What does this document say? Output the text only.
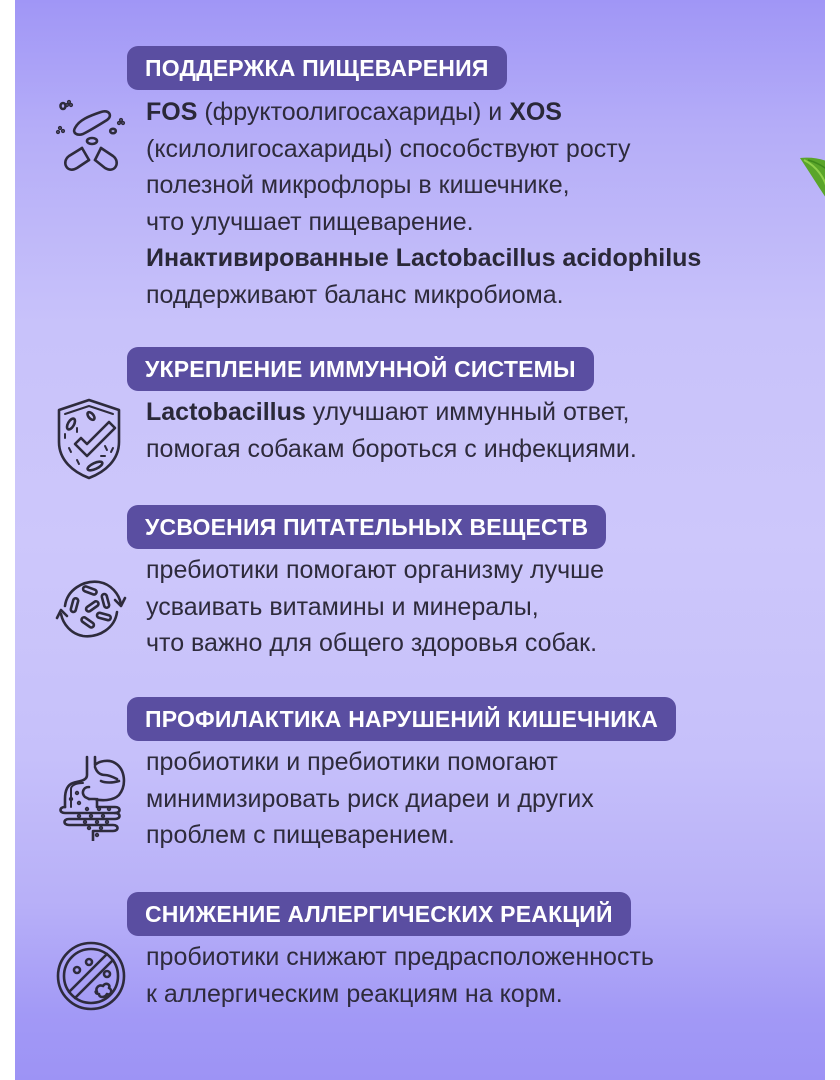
ПОДДЕРЖКА ПИЩЕВАРЕНИЯ
FOS (фруктоолигосахариды) и XOS
(ксилолигосахариды) способствуют росту
полезной микрофлоры в кишечнике,
что улучшает пищеварение.
Инактивированные Lactobacillus acidophilus
поддерживают баланс микробиома.
УКРЕПЛЕНИЕ ИММУННОЙ СИСТЕМЫ
Lactobacillus улучшают иммунный ответ,
помогая собакам бороться с инфекциями.
УСВОЕНИЯ ПИТАТЕЛЬНЫХ ВЕЩЕСТВ
пребиотики помогают организму лучше
усваивать витамины и минералы,
что важно для общего здоровья собак.
ПРОФИЛАКТИКА НАРУШЕНИЙ КИШЕЧНИКА
пробиотики и пребиотики помогают
минимизировать риск диареи и других
проблем с пищеварением.
СНИЖЕНИЕ АЛЛЕРГИЧЕСКИХ РЕАКЦИЙ
пробиотики снижают предрасположенность
к аллергическим реакциям на корм.
